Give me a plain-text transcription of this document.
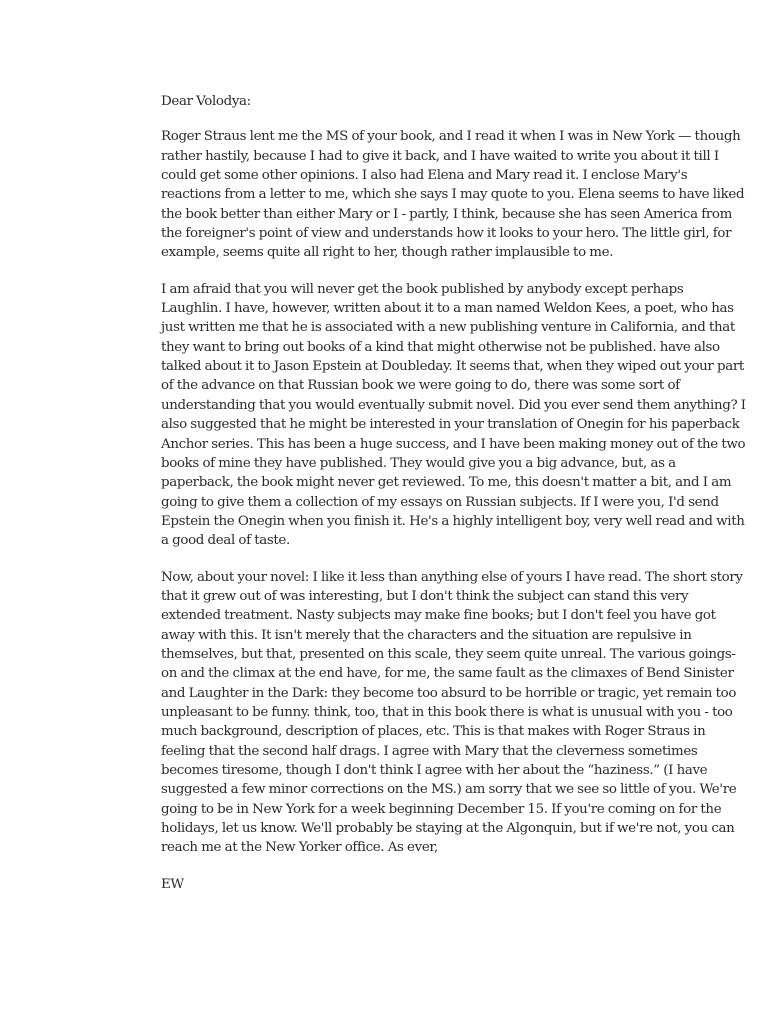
Dear Volodya:

Roger Straus lent me the MS of your book, and I read it when I was in New York — though rather hastily, because I had to give it back, and I have waited to write you about it till I could get some other opinions. I also had Elena and Mary read it. I enclose Mary's reactions from a letter to me, which she says I may quote to you. Elena seems to have liked the book better than either Mary or I - partly, I think, because she has seen America from the foreigner's point of view and understands how it looks to your hero. The little girl, for example, seems quite all right to her, though rather implausible to me.

I am afraid that you will never get the book published by anybody except perhaps Laughlin. I have, however, written about it to a man named Weldon Kees, a poet, who has just written me that he is associated with a new publishing venture in California, and that they want to bring out books of a kind that might otherwise not be published. have also talked about it to Jason Epstein at Doubleday. It seems that, when they wiped out your part of the advance on that Russian book we were going to do, there was some sort of understanding that you would eventually submit novel. Did you ever send them anything? I also suggested that he might be interested in your translation of Onegin for his paperback Anchor series. This has been a huge success, and I have been making money out of the two books of mine they have published. They would give you a big advance, but, as a paperback, the book might never get reviewed. To me, this doesn't matter a bit, and I am going to give them a collection of my essays on Russian subjects. If I were you, I'd send Epstein the Onegin when you finish it. He's a highly intelligent boy, very well read and with a good deal of taste.

Now, about your novel: I like it less than anything else of yours I have read. The short story that it grew out of was interesting, but I don't think the subject can stand this very extended treatment. Nasty subjects may make fine books; but I don't feel you have got away with this. It isn't merely that the characters and the situation are repulsive in themselves, but that, presented on this scale, they seem quite unreal. The various goings-on and the climax at the end have, for me, the same fault as the climaxes of Bend Sinister and Laughter in the Dark: they become too absurd to be horrible or tragic, yet remain too unpleasant to be funny. think, too, that in this book there is what is unusual with you - too much background, description of places, etc. This is that makes with Roger Straus in feeling that the second half drags. I agree with Mary that the cleverness sometimes becomes tiresome, though I don't think I agree with her about the “haziness.” (I have suggested a few minor corrections on the MS.) am sorry that we see so little of you. We're going to be in New York for a week beginning December 15. If you're coming on for the holidays, let us know. We'll probably be staying at the Algonquin, but if we're not, you can reach me at the New Yorker office. As ever,

EW
